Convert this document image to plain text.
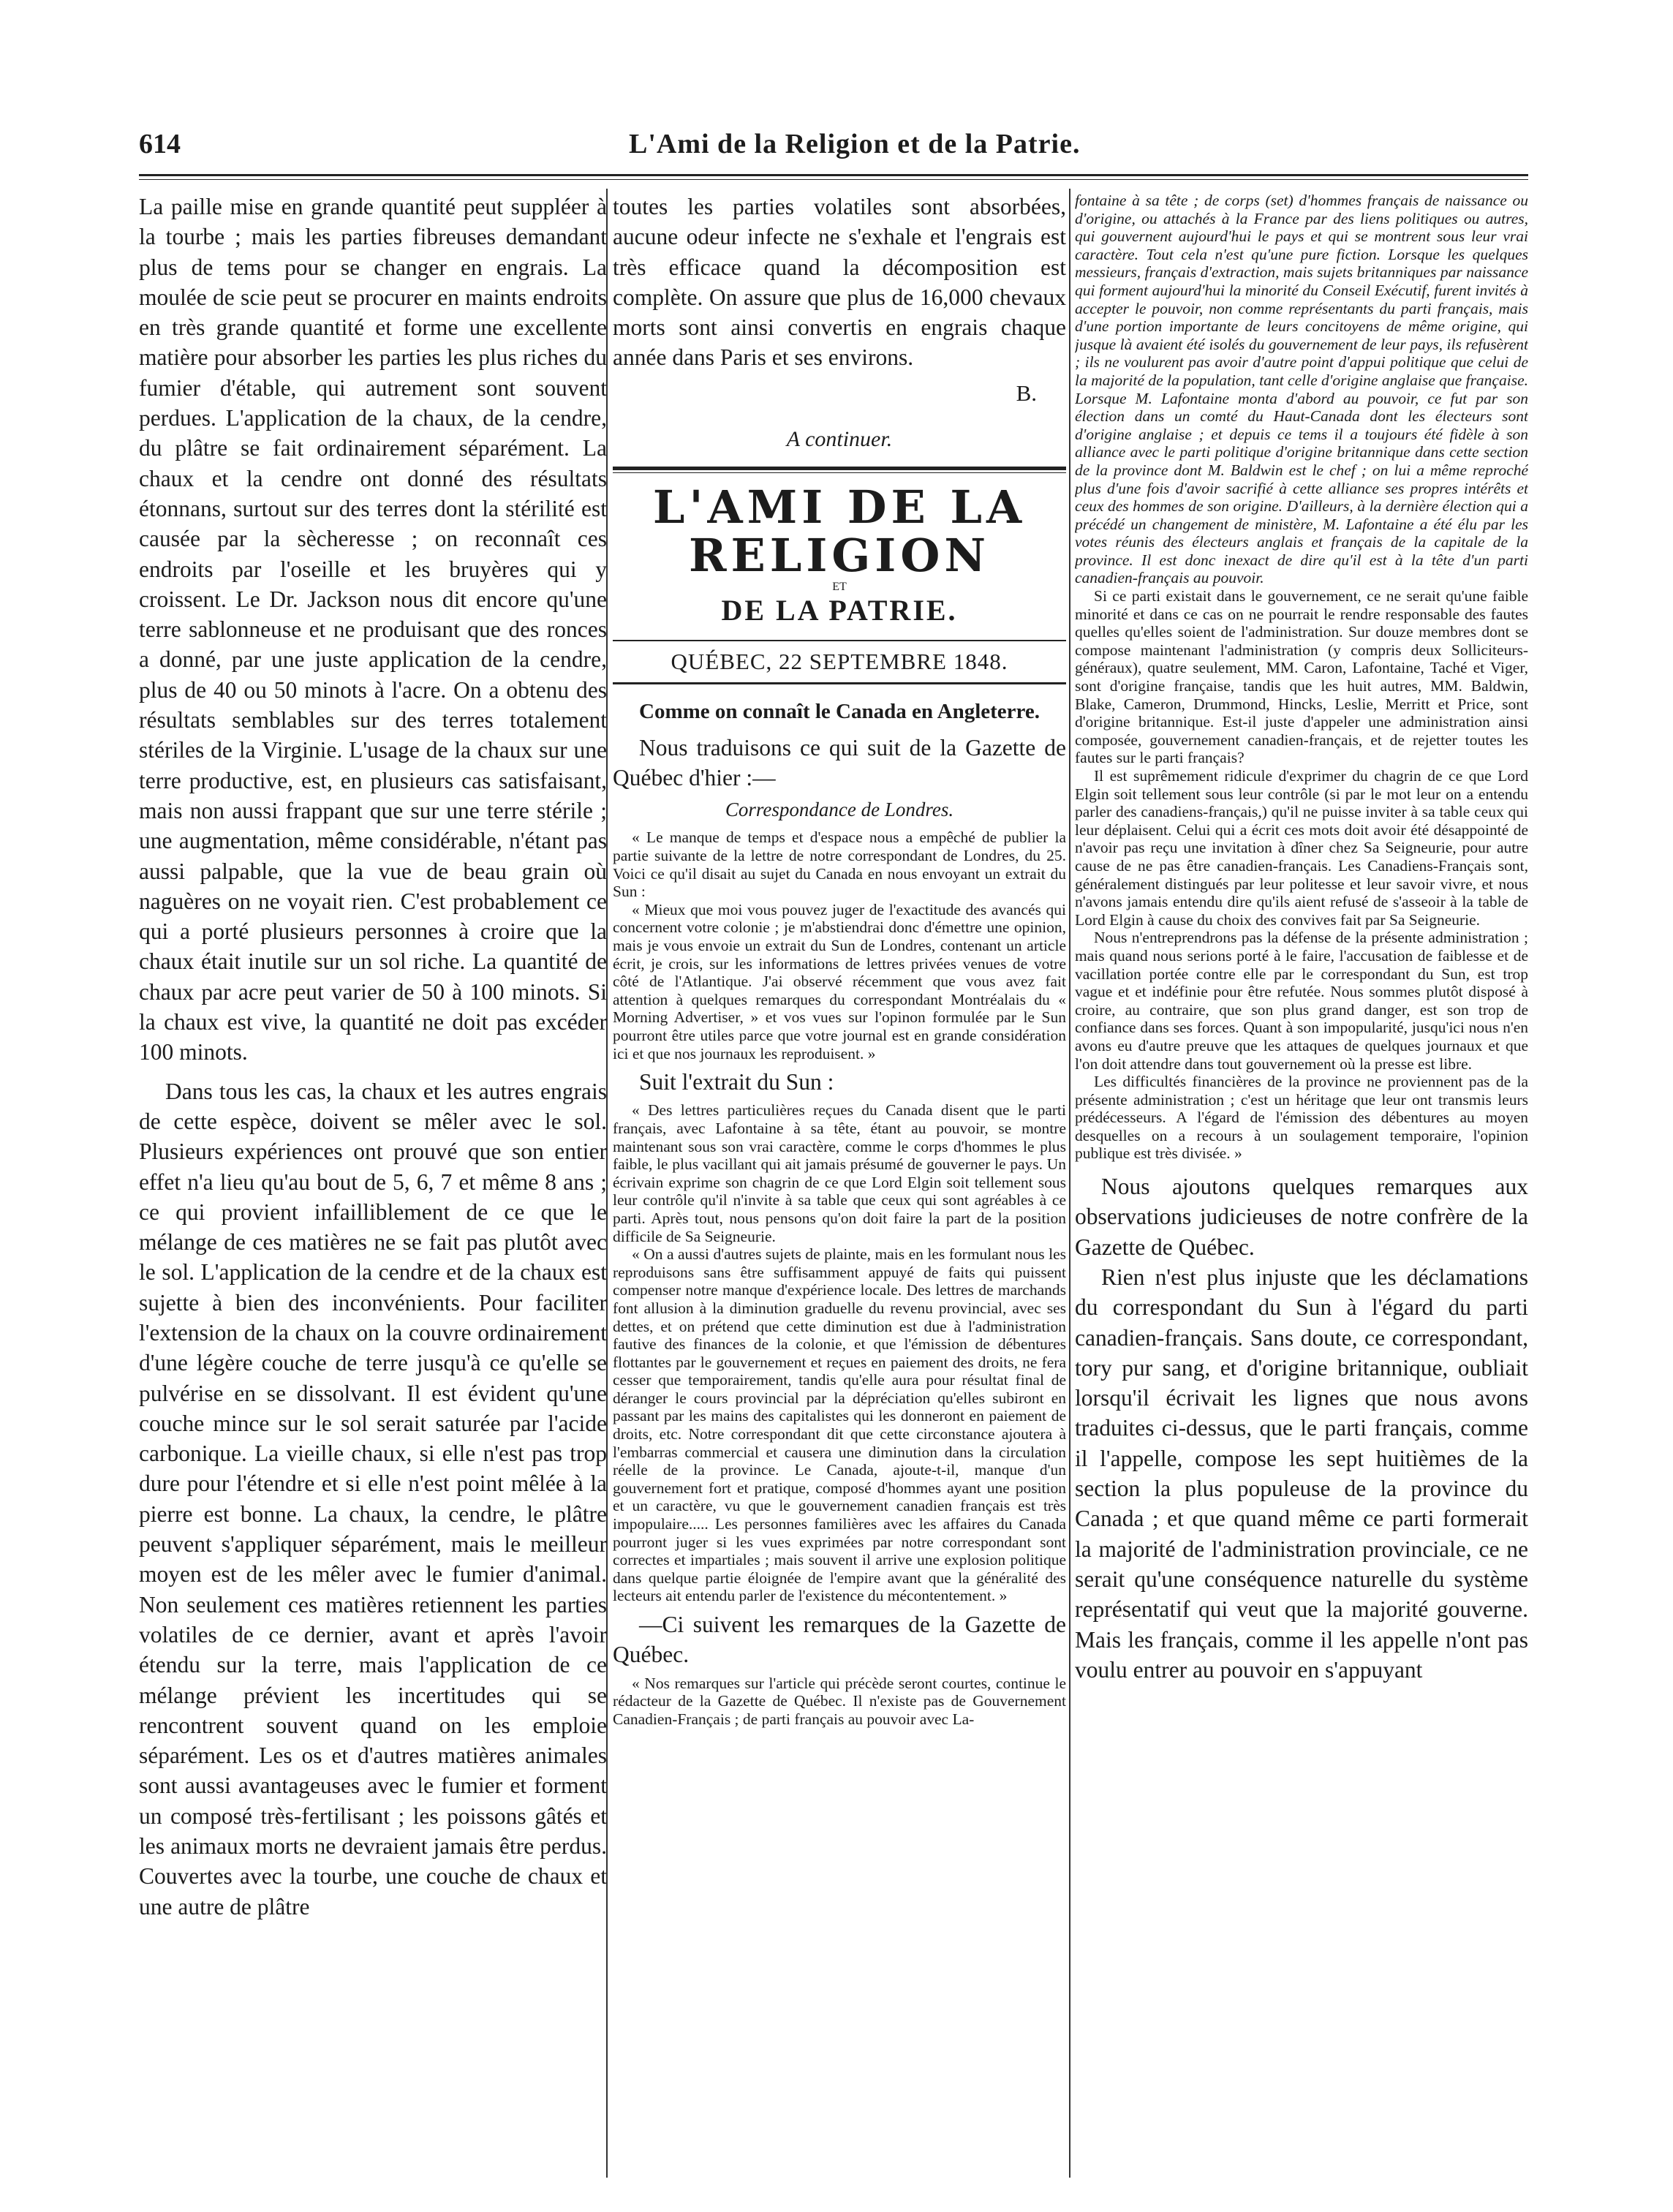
614	L'Ami de la Religion et de la Patrie.

La paille mise en grande quantité peut suppléer à la tourbe ; mais les parties fibreuses demandant plus de tems pour se changer en engrais. La moulée de scie peut se procurer en maints endroits en très grande quantité et forme une excellente matière pour absorber les parties les plus riches du fumier d'étable, qui autrement sont souvent perdues. L'application de la chaux, de la cendre, du plâtre se fait ordinairement séparément. La chaux et la cendre ont donné des résultats étonnans, surtout sur des terres dont la stérilité est causée par la sècheresse ; on reconnaît ces endroits par l'oseille et les bruyères qui y croissent. Le Dr. Jackson nous dit encore qu'une terre sablonneuse et ne produisant que des ronces a donné, par une juste application de la cendre, plus de 40 ou 50 minots à l'acre. On a obtenu des résultats semblables sur des terres totalement stériles de la Virginie. L'usage de la chaux sur une terre productive, est, en plusieurs cas satisfaisant, mais non aussi frappant que sur une terre stérile ; une augmentation, même considérable, n'étant pas aussi palpable, que la vue de beau grain où naguères on ne voyait rien. C'est probablement ce qui a porté plusieurs personnes à croire que la chaux était inutile sur un sol riche. La quantité de chaux par acre peut varier de 50 à 100 minots. Si la chaux est vive, la quantité ne doit pas excéder 100 minots.

Dans tous les cas, la chaux et les autres engrais de cette espèce, doivent se mêler avec le sol. Plusieurs expériences ont prouvé que son entier effet n'a lieu qu'au bout de 5, 6, 7 et même 8 ans ; ce qui provient infailliblement de ce que le mélange de ces matières ne se fait pas plutôt avec le sol. L'application de la cendre et de la chaux est sujette à bien des inconvénients. Pour faciliter l'extension de la chaux on la couvre ordinairement d'une légère couche de terre jusqu'à ce qu'elle se pulvérise en se dissolvant. Il est évident qu'une couche mince sur le sol serait saturée par l'acide carbonique. La vieille chaux, si elle n'est pas trop dure pour l'étendre et si elle n'est point mêlée à la pierre est bonne. La chaux, la cendre, le plâtre peuvent s'appliquer séparément, mais le meilleur moyen est de les mêler avec le fumier d'animal. Non seulement ces matières retiennent les parties volatiles de ce dernier, avant et après l'avoir étendu sur la terre, mais l'application de ce mélange prévient les incertitudes qui se rencontrent souvent quand on les emploie séparément. Les os et d'autres matières animales sont aussi avantageuses avec le fumier et forment un composé très-fertilisant ; les poissons gâtés et les animaux morts ne devraient jamais être perdus. Couvertes avec la tourbe, une couche de chaux et une autre de plâtre

toutes les parties volatiles sont absorbées, aucune odeur infecte ne s'exhale et l'engrais est très efficace quand la décomposition est complète. On assure que plus de 16,000 chevaux morts sont ainsi convertis en engrais chaque année dans Paris et ses environs.

B.
A continuer.
L'AMI DE LA RELIGION
ET
DE LA PATRIE.
QUÉBEC, 22 SEPTEMBRE 1848.
Comme on connaît le Canada en Angleterre.

Nous traduisons ce qui suit de la Gazette de Québec d'hier :—

Correspondance de Londres.

« Le manque de temps et d'espace nous a empêché de publier la partie suivante de la lettre de notre correspondant de Londres, du 25. Voici ce qu'il disait au sujet du Canada en nous envoyant un extrait du Sun :

« Mieux que moi vous pouvez juger de l'exactitude des avancés qui concernent votre colonie ; je m'abstiendrai donc d'émettre une opinion, mais je vous envoie un extrait du Sun de Londres, contenant un article écrit, je crois, sur les informations de lettres privées venues de votre côté de l'Atlantique. J'ai observé récemment que vous avez fait attention à quelques remarques du correspondant Montréalais du « Morning Advertiser, » et vos vues sur l'opinon formulée par le Sun pourront être utiles parce que votre journal est en grande considération ici et que nos journaux les reproduisent. »

Suit l'extrait du Sun :

« Des lettres particulières reçues du Canada disent que le parti français, avec Lafontaine à sa tête, étant au pouvoir, se montre maintenant sous son vrai caractère, comme le corps d'hommes le plus faible, le plus vacillant qui ait jamais présumé de gouverner le pays. Un écrivain exprime son chagrin de ce que Lord Elgin soit tellement sous leur contrôle qu'il n'invite à sa table que ceux qui sont agréables à ce parti. Après tout, nous pensons qu'on doit faire la part de la position difficile de Sa Seigneurie.

« On a aussi d'autres sujets de plainte, mais en les formulant nous les reproduisons sans être suffisamment appuyé de faits qui puissent compenser notre manque d'expérience locale. Des lettres de marchands font allusion à la diminution graduelle du revenu provincial, avec ses dettes, et on prétend que cette diminution est due à l'administration fautive des finances de la colonie, et que l'émission de débentures flottantes par le gouvernement et reçues en paiement des droits, ne fera cesser que temporairement, tandis qu'elle aura pour résultat final de déranger le cours provincial par la dépréciation qu'elles subiront en passant par les mains des capitalistes qui les donneront en paiement de droits, etc. Notre correspondant dit que cette circonstance ajoutera à l'embarras commercial et causera une diminution dans la circulation réelle de la province. Le Canada, ajoute-t-il, manque d'un gouvernement fort et pratique, composé d'hommes ayant une position et un caractère, vu que le gouvernement canadien français est très impopulaire..... Les personnes familières avec les affaires du Canada pourront juger si les vues exprimées par notre correspondant sont correctes et impartiales ; mais souvent il arrive une explosion politique dans quelque partie éloignée de l'empire avant que la généralité des lecteurs ait entendu parler de l'existence du mécontentement. »

—Ci suivent les remarques de la Gazette de Québec.

« Nos remarques sur l'article qui précède seront courtes, continue le rédacteur de la Gazette de Québec. Il n'existe pas de Gouvernement Canadien-Français ; de parti français au pouvoir avec La-

fontaine à sa tête ; de corps (set) d'hommes français de naissance ou d'origine, ou attachés à la France par des liens politiques ou autres, qui gouvernent aujourd'hui le pays et qui se montrent sous leur vrai caractère. Tout cela n'est qu'une pure fiction. Lorsque les quelques messieurs, français d'extraction, mais sujets britanniques par naissance qui forment aujourd'hui la minorité du Conseil Exécutif, furent invités à accepter le pouvoir, non comme représentants du parti français, mais d'une portion importante de leurs concitoyens de même origine, qui jusque là avaient été isolés du gouvernement de leur pays, ils refusèrent ; ils ne voulurent pas avoir d'autre point d'appui politique que celui de la majorité de la population, tant celle d'origine anglaise que française. Lorsque M. Lafontaine monta d'abord au pouvoir, ce fut par son élection dans un comté du Haut-Canada dont les électeurs sont d'origine anglaise ; et depuis ce tems il a toujours été fidèle à son alliance avec le parti politique d'origine britannique dans cette section de la province dont M. Baldwin est le chef ; on lui a même reproché plus d'une fois d'avoir sacrifié à cette alliance ses propres intérêts et ceux des hommes de son origine. D'ailleurs, à la dernière élection qui a précédé un changement de ministère, M. Lafontaine a été élu par les votes réunis des électeurs anglais et français de la capitale de la province. Il est donc inexact de dire qu'il est à la tête d'un parti canadien-français au pouvoir.

Si ce parti existait dans le gouvernement, ce ne serait qu'une faible minorité et dans ce cas on ne pourrait le rendre responsable des fautes quelles qu'elles soient de l'administration. Sur douze membres dont se compose maintenant l'administration (y compris deux Solliciteurs-généraux), quatre seulement, MM. Caron, Lafontaine, Taché et Viger, sont d'origine française, tandis que les huit autres, MM. Baldwin, Blake, Cameron, Drummond, Hincks, Leslie, Merritt et Price, sont d'origine britannique. Est-il juste d'appeler une administration ainsi composée, gouvernement canadien-français, et de rejetter toutes les fautes sur le parti français?

Il est suprêmement ridicule d'exprimer du chagrin de ce que Lord Elgin soit tellement sous leur contrôle (si par le mot leur on a entendu parler des canadiens-français,) qu'il ne puisse inviter à sa table ceux qui leur déplaisent. Celui qui a écrit ces mots doit avoir été désappointé de n'avoir pas reçu une invitation à dîner chez Sa Seigneurie, pour autre cause de ne pas être canadien-français. Les Canadiens-Français sont, généralement distingués par leur politesse et leur savoir vivre, et nous n'avons jamais entendu dire qu'ils aient refusé de s'asseoir à la table de Lord Elgin à cause du choix des convives fait par Sa Seigneurie.

Nous n'entreprendrons pas la défense de la présente administration ; mais quand nous serions porté à le faire, l'accusation de faiblesse et de vacillation portée contre elle par le correspondant du Sun, est trop vague et et indéfinie pour être refutée. Nous sommes plutôt disposé à croire, au contraire, que son plus grand danger, est son trop de confiance dans ses forces. Quant à son impopularité, jusqu'ici nous n'en avons eu d'autre preuve que les attaques de quelques journaux et que l'on doit attendre dans tout gouvernement où la presse est libre.

Les difficultés financières de la province ne proviennent pas de la présente administration ; c'est un héritage que leur ont transmis leurs prédécesseurs. A l'égard de l'émission des débentures au moyen desquelles on a recours à un soulagement temporaire, l'opinion publique est très divisée. »

Nous ajoutons quelques remarques aux observations judicieuses de notre confrère de la Gazette de Québec.

Rien n'est plus injuste que les déclamations du correspondant du Sun à l'égard du parti canadien-français. Sans doute, ce correspondant, tory pur sang, et d'origine britannique, oubliait lorsqu'il écrivait les lignes que nous avons traduites ci-dessus, que le parti français, comme il l'appelle, compose les sept huitièmes de la section la plus populeuse de la province du Canada ; et que quand même ce parti formerait la majorité de l'administration provinciale, ce ne serait qu'une conséquence naturelle du système représentatif qui veut que la majorité gouverne. Mais les français, comme il les appelle n'ont pas voulu entrer au pouvoir en s'appuyant
